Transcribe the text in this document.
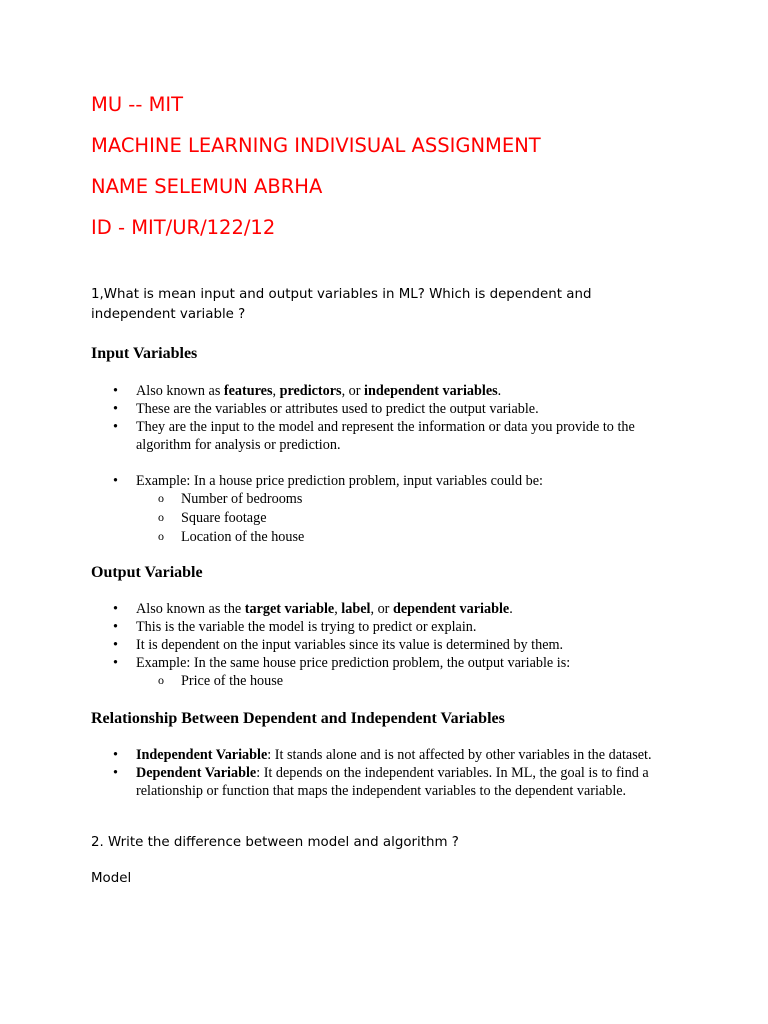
MU -- MIT
MACHINE LEARNING INDIVISUAL ASSIGNMENT
NAME SELEMUN ABRHA
ID - MIT/UR/122/12
1,What is mean input and output variables in ML? Which is dependent and
independent variable ?
Input Variables
• Also known as features, predictors, or independent variables.
• These are the variables or attributes used to predict the output variable.
• They are the input to the model and represent the information or data you provide to the algorithm for analysis or prediction.
• Example: In a house price prediction problem, input variables could be:
o Number of bedrooms
o Square footage
o Location of the house
Output Variable
• Also known as the target variable, label, or dependent variable.
• This is the variable the model is trying to predict or explain.
• It is dependent on the input variables since its value is determined by them.
• Example: In the same house price prediction problem, the output variable is:
o Price of the house
Relationship Between Dependent and Independent Variables
• Independent Variable: It stands alone and is not affected by other variables in the dataset.
• Dependent Variable: It depends on the independent variables. In ML, the goal is to find a relationship or function that maps the independent variables to the dependent variable.
2. Write the difference between model and algorithm ?
Model
